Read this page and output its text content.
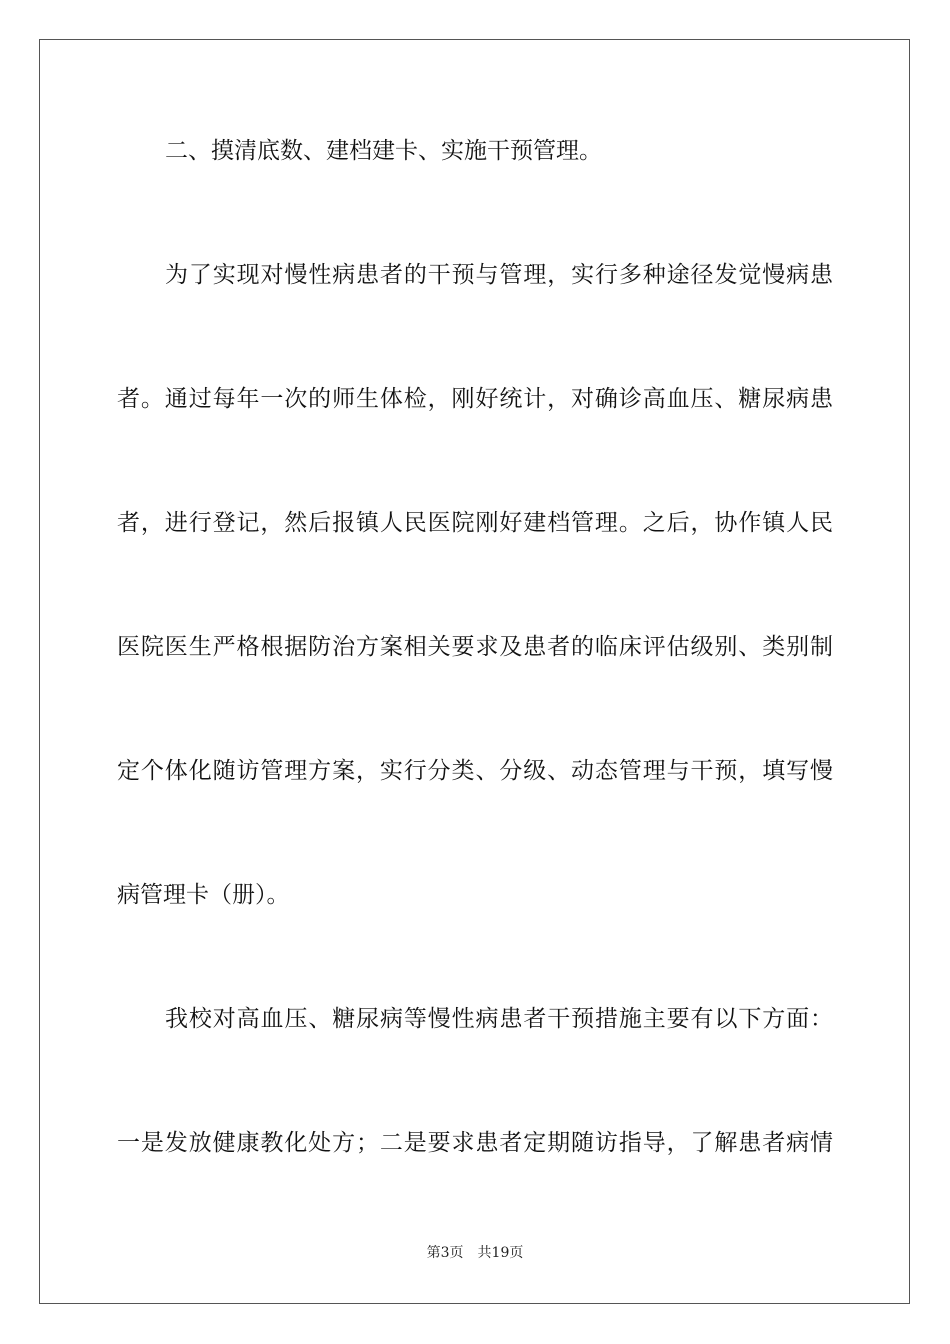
二、摸清底数、建档建卡、实施干预管理。
为了实现对慢性病患者的干预与管理，实行多种途径发觉慢病患
者。通过每年一次的师生体检，刚好统计，对确诊高血压、糖尿病患
者，进行登记，然后报镇人民医院刚好建档管理。之后，协作镇人民
医院医生严格根据防治方案相关要求及患者的临床评估级别、类别制
定个体化随访管理方案，实行分类、分级、动态管理与干预，填写慢
病管理卡（册）。
我校对高血压、糖尿病等慢性病患者干预措施主要有以下方面：
一是发放健康教化处方；二是要求患者定期随访指导，了解患者病情
第3页 共19页
